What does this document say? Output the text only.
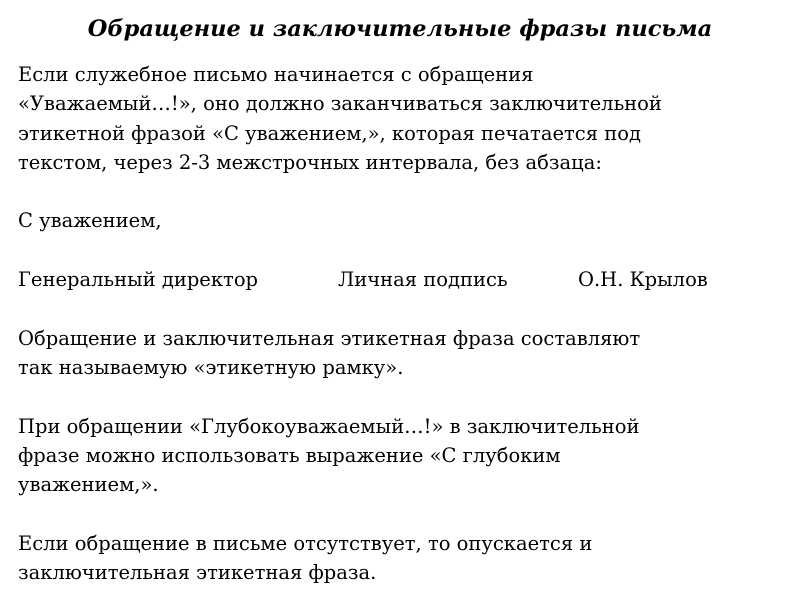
Обращение и заключительные фразы письма
Если служебное письмо начинается с обращения
«Уважаемый…!», оно должно заканчиваться заключительной
этикетной фразой «С уважением,», которая печатается под
текстом, через 2-3 межстрочных интервала, без абзаца:
С уважением,
Генеральный директор	Личная подпись	О.Н. Крылов
Обращение и заключительная этикетная фраза составляют
так называемую «этикетную рамку».
При обращении «Глубокоуважаемый…!» в заключительной
фразе можно использовать выражение «С глубоким
уважением,».
Если обращение в письме отсутствует, то опускается и
заключительная этикетная фраза.
